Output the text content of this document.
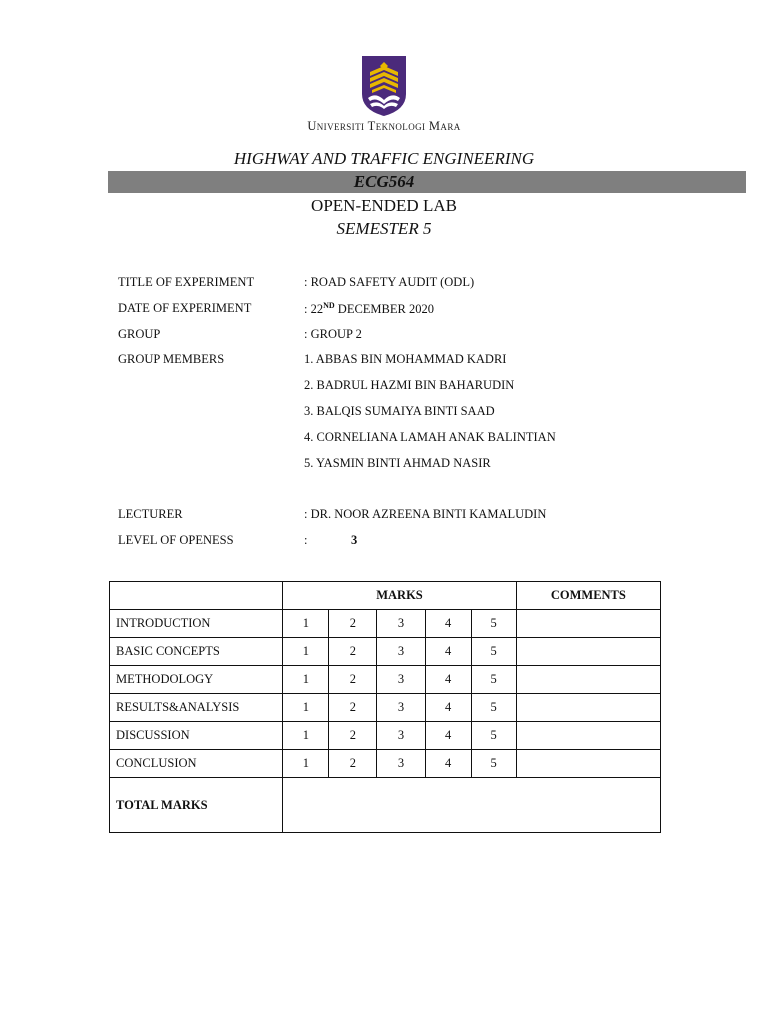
Universiti Teknologi Mara
HIGHWAY AND TRAFFIC ENGINEERING
ECG564
OPEN-ENDED LAB
SEMESTER 5
TITLE OF EXPERIMENT	: ROAD SAFETY AUDIT (ODL)
DATE OF EXPERIMENT	: 22ND DECEMBER 2020
GROUP	: GROUP 2
GROUP MEMBERS	1. ABBAS BIN MOHAMMAD KADRI
2. BADRUL HAZMI BIN BAHARUDIN
3. BALQIS SUMAIYA BINTI SAAD
4. CORNELIANA LAMAH ANAK BALINTIAN
5. YASMIN BINTI AHMAD NASIR
LECTURER	: DR. NOOR AZREENA BINTI KAMALUDIN
LEVEL OF OPENESS	:	3
	MARKS					COMMENTS
INTRODUCTION	1	2	3	4	5	
BASIC CONCEPTS	1	2	3	4	5	
METHODOLOGY	1	2	3	4	5	
RESULTS&ANALYSIS	1	2	3	4	5	
DISCUSSION	1	2	3	4	5	
CONCLUSION	1	2	3	4	5	
TOTAL MARKS						
